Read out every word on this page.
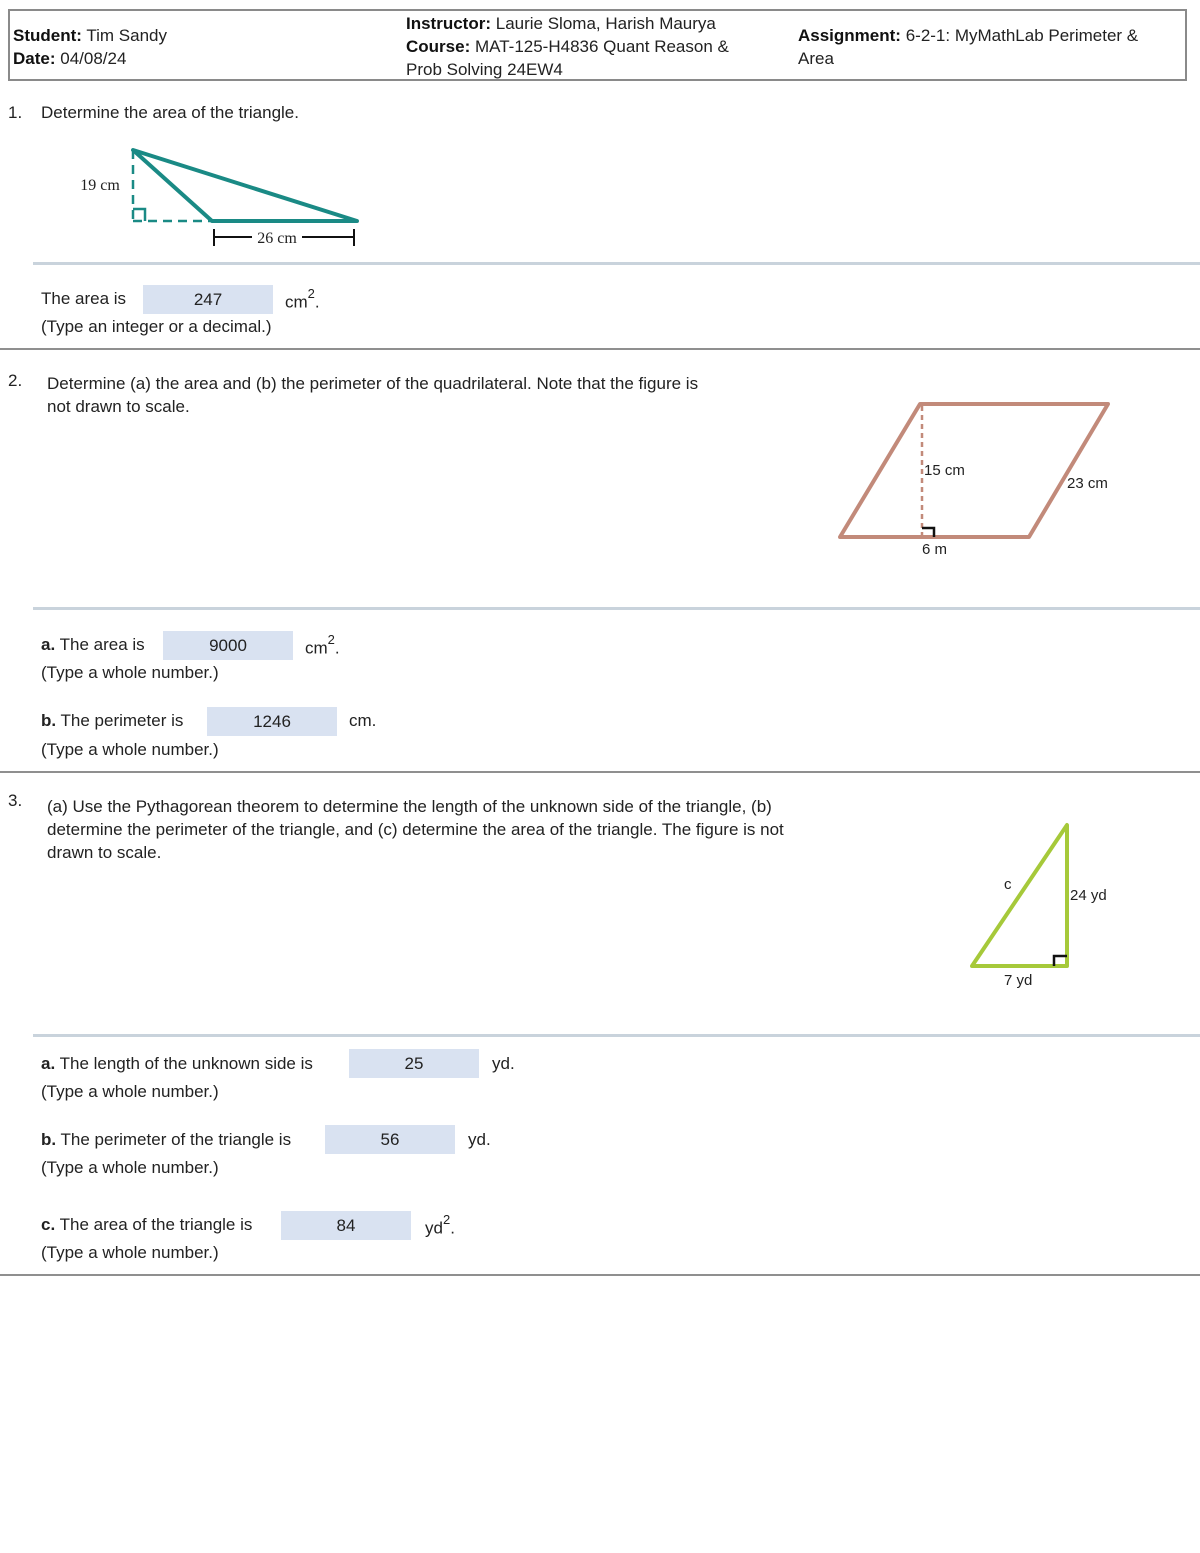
Student: Tim Sandy
Date: 04/08/24
Instructor: Laurie Sloma, Harish Maurya
Course: MAT-125-H4836 Quant Reason &
Prob Solving 24EW4
Assignment: 6-2-1: MyMathLab Perimeter &
Area
1. Determine the area of the triangle.
26 cm
19 cm
The area is	247	$cm^2$.
(Type an integer or a decimal.)
2. Determine (a) the area and (b) the perimeter of the quadrilateral. Note that the figure is
not drawn to scale.
15 cm
23 cm
6 m
a. The area is	9000	$cm^2$.
(Type a whole number.)
b. The perimeter is	1246	cm.
(Type a whole number.)
3. (a) Use the Pythagorean theorem to determine the length of the unknown side of the triangle, (b)
determine the perimeter of the triangle, and (c) determine the area of the triangle. The figure is not
drawn to scale.
c
24 yd
7 yd
a. The length of the unknown side is	25	yd.
(Type a whole number.)
b. The perimeter of the triangle is	56	yd.
(Type a whole number.)
c. The area of the triangle is	84	$yd^2$.
(Type a whole number.)
